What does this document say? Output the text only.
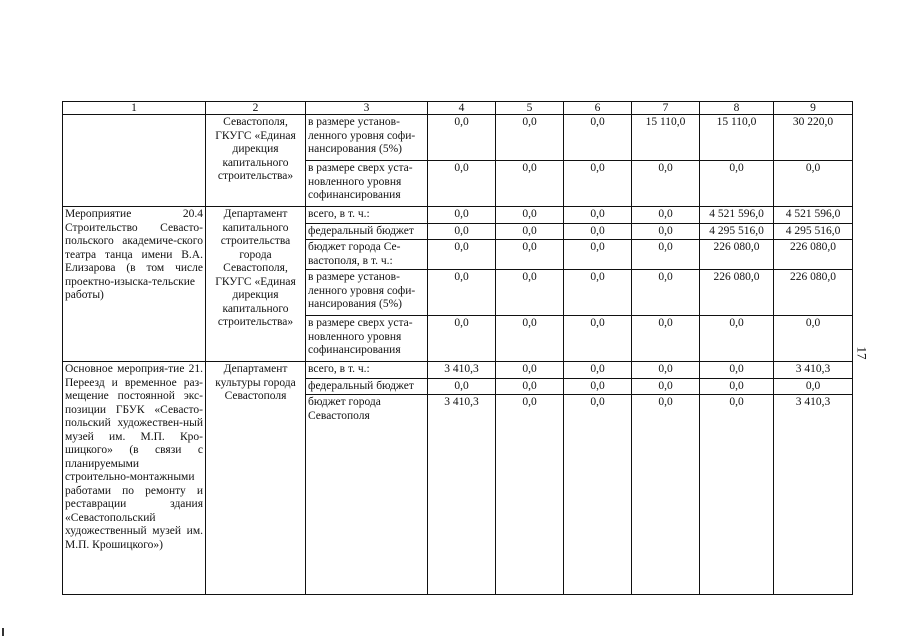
1	2	3	4	5	6	7	8	9
	Севастополя, ГКУГС «Единая дирекция капитального строительства»	в размере установ-ленного уровня софи-нансирования (5%)	0,0	0,0	0,0	15 110,0	15 110,0	30 220,0
		в размере сверх уста-новленного уровня софинансирования	0,0	0,0	0,0	0,0	0,0	0,0
Мероприятие 20.4 Строительство Севасто-польского академиче-ского театра танца имени В.А. Елизарова (в том числе проектно-изыска-тельские работы)	Департамент капитального строительства города Севастополя, ГКУГС «Единая дирекция капитального строительства»	всего, в т. ч.:	0,0	0,0	0,0	0,0	4 521 596,0	4 521 596,0
		федеральный бюджет	0,0	0,0	0,0	0,0	4 295 516,0	4 295 516,0
		бюджет города Се-вастополя, в т. ч.:	0,0	0,0	0,0	0,0	226 080,0	226 080,0
		в размере установ-ленного уровня софи-нансирования (5%)	0,0	0,0	0,0	0,0	226 080,0	226 080,0
		в размере сверх уста-новленного уровня софинансирования	0,0	0,0	0,0	0,0	0,0	0,0
Основное мероприя-тие 21. Переезд и временное раз-мещение постоянной экс-позиции ГБУК «Севасто-польский художествен-ный музей им. М.П. Кро-шицкого» (в связи с планируемыми строительно-монтажными работами по ремонту и реставрации здания «Севастопольский художественный музей им. М.П. Крошицкого»)	Департамент культуры города Севастополя	всего, в т. ч.:	3 410,3	0,0	0,0	0,0	0,0	3 410,3
		федеральный бюджет	0,0	0,0	0,0	0,0	0,0	0,0
		бюджет города Севастополя	3 410,3	0,0	0,0	0,0	0,0	3 410,3
17
